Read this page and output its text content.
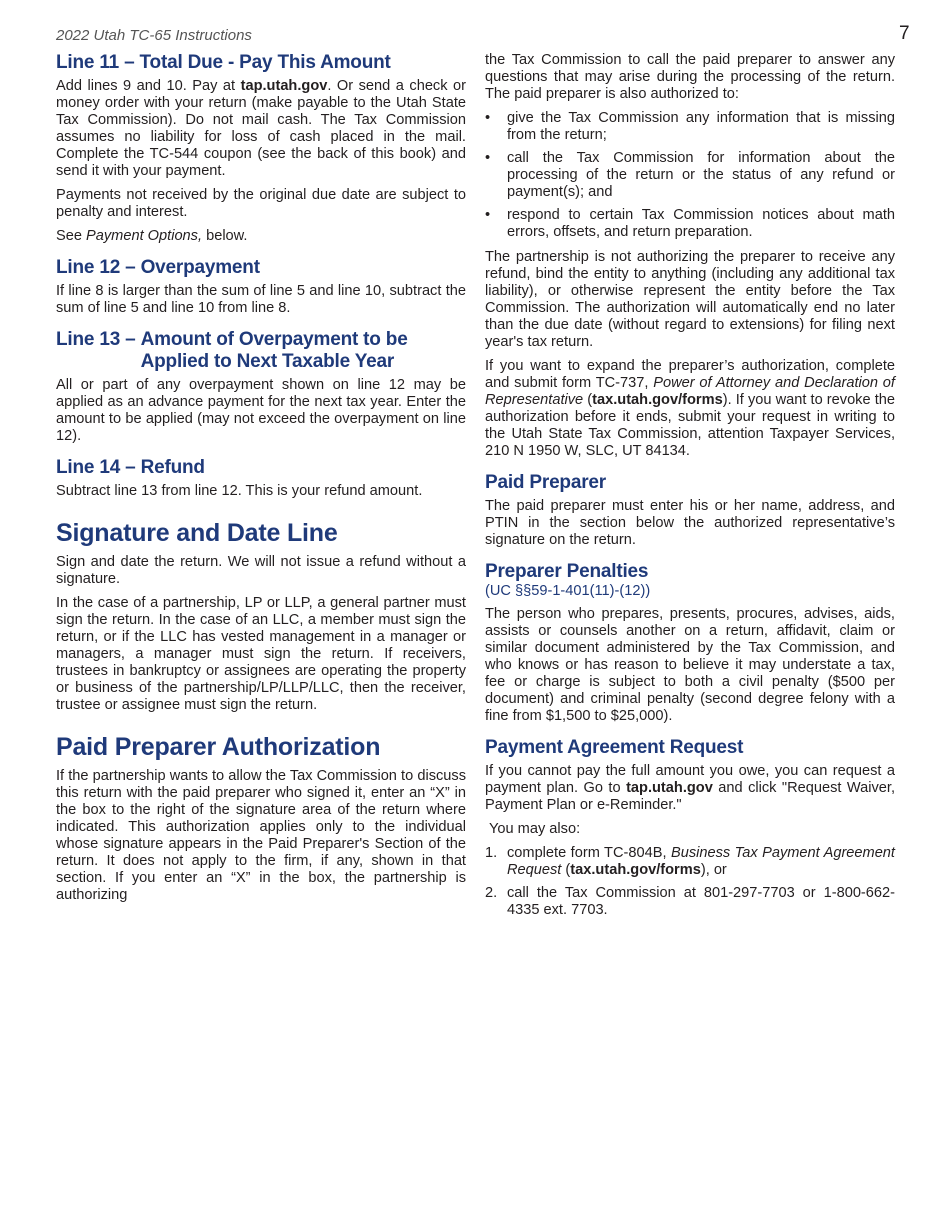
2022 Utah TC-65 Instructions	7
Line 11 – Total Due - Pay This Amount

Add lines 9 and 10. Pay at tap.utah.gov. Or send a check or money order with your return (make payable to the Utah State Tax Commission). Do not mail cash. The Tax Commission assumes no liability for loss of cash placed in the mail. Complete the TC-544 coupon (see the back of this book) and send it with your payment.

Payments not received by the original due date are subject to penalty and interest.

See Payment Options, below.

Line 12 – Overpayment

If line 8 is larger than the sum of line 5 and line 10, subtract the sum of line 5 and line 10 from line 8.

Line 13 – Amount of Overpayment to be Applied to Next Taxable Year

All or part of any overpayment shown on line 12 may be applied as an advance payment for the next tax year. Enter the amount to be applied (may not exceed the overpayment on line 12).

Line 14 – Refund

Subtract line 13 from line 12. This is your refund amount.

Signature and Date Line

Sign and date the return. We will not issue a refund without a signature.

In the case of a partnership, LP or LLP, a general partner must sign the return. In the case of an LLC, a member must sign the return, or if the LLC has vested management in a manager or managers, a manager must sign the return. If receivers, trustees in bankruptcy or assignees are operating the property or business of the partnership/LP/LLP/LLC, then the receiver, trustee or assignee must sign the return.

Paid Preparer Authorization

If the partnership wants to allow the Tax Commission to discuss this return with the paid preparer who signed it, enter an “X” in the box to the right of the signature area of the return where indicated. This authorization applies only to the individual whose signature appears in the Paid Preparer's Section of the return. It does not apply to the firm, if any, shown in that section. If you enter an “X” in the box, the partnership is authorizing

the Tax Commission to call the paid preparer to answer any questions that may arise during the processing of the return. The paid preparer is also authorized to:

•	give the Tax Commission any information that is missing from the return;
•	call the Tax Commission for information about the processing of the return or the status of any refund or payment(s); and
•	respond to certain Tax Commission notices about math errors, offsets, and return preparation.

The partnership is not authorizing the preparer to receive any refund, bind the entity to anything (including any additional tax liability), or otherwise represent the entity before the Tax Commission. The authorization will automatically end no later than the due date (without regard to extensions) for filing next year's tax return.

If you want to expand the preparer’s authorization, complete and submit form TC-737, Power of Attorney and Declaration of Representative (tax.utah.gov/forms). If you want to revoke the authorization before it ends, submit your request in writing to the Utah State Tax Commission, attention Taxpayer Services, 210 N 1950 W, SLC, UT 84134.

Paid Preparer

The paid preparer must enter his or her name, address, and PTIN in the section below the authorized representative’s signature on the return.

Preparer Penalties
(UC §§59-1-401(11)-(12))

The person who prepares, presents, procures, advises, aids, assists or counsels another on a return, affidavit, claim or similar document administered by the Tax Commission, and who knows or has reason to believe it may understate a tax, fee or charge is subject to both a civil penalty ($500 per document) and criminal penalty (second degree felony with a fine from $1,500 to $25,000).

Payment Agreement Request

If you cannot pay the full amount you owe, you can request a payment plan. Go to tap.utah.gov and click "Request Waiver, Payment Plan or e-Reminder."

You may also:

1. complete form TC-804B, Business Tax Payment Agreement Request (tax.utah.gov/forms), or
2. call the Tax Commission at 801-297-7703 or 1-800-662-4335 ext. 7703.
